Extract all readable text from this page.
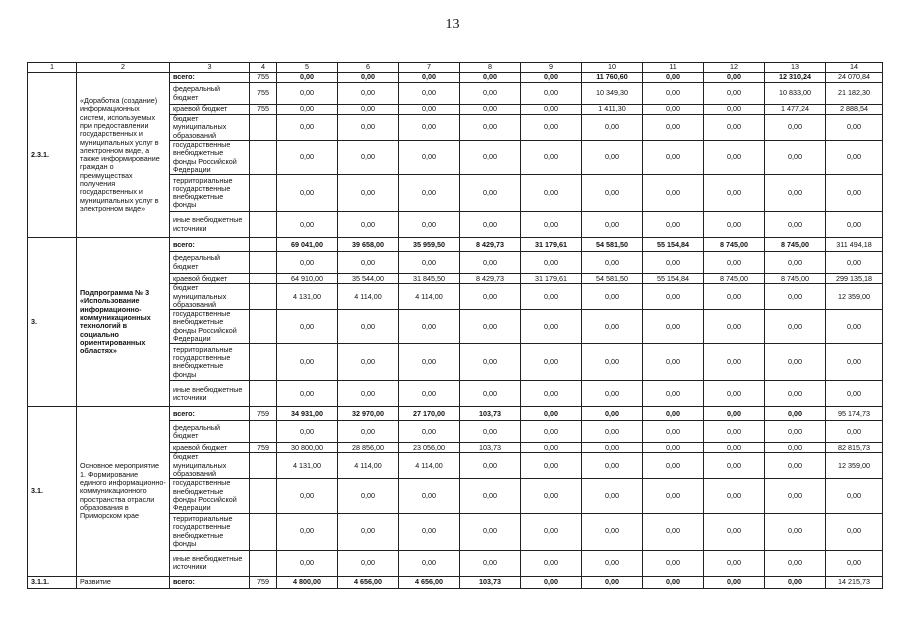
13
1	2	3	4	5	6	7	8	9	10	11	12	13	14
2.3.1.	«Доработка (создание) информационных систем, используемых при предоставлении государственных и муниципальных услуг в электронном виде, а также информирование граждан о преимуществах получения государственных и муниципальных услуг в электронном виде»	всего:	755	0,00	0,00	0,00	0,00	0,00	11 760,60	0,00	0,00	12 310,24	24 070,84
		федеральный бюджет	755	0,00	0,00	0,00	0,00	0,00	10 349,30	0,00	0,00	10 833,00	21 182,30
		краевой бюджет	755	0,00	0,00	0,00	0,00	0,00	1 411,30	0,00	0,00	1 477,24	2 888,54
		бюджет муниципальных образований		0,00	0,00	0,00	0,00	0,00	0,00	0,00	0,00	0,00	0,00
		государственные внебюджетные фонды Российской Федерации		0,00	0,00	0,00	0,00	0,00	0,00	0,00	0,00	0,00	0,00
		территориальные государственные внебюджетные фонды		0,00	0,00	0,00	0,00	0,00	0,00	0,00	0,00	0,00	0,00
		иные внебюджетные источники		0,00	0,00	0,00	0,00	0,00	0,00	0,00	0,00	0,00	0,00
3.	Подпрограмма № 3 «Использование информационно-коммуникационных технологий в социально ориентированных областях»	всего:		69 041,00	39 658,00	35 959,50	8 429,73	31 179,61	54 581,50	55 154,84	8 745,00	8 745,00	311 494,18
		федеральный бюджет		0,00	0,00	0,00	0,00	0,00	0,00	0,00	0,00	0,00	0,00
		краевой бюджет		64 910,00	35 544,00	31 845,50	8 429,73	31 179,61	54 581,50	55 154,84	8 745,00	8 745,00	299 135,18
		бюджет муниципальных образований		4 131,00	4 114,00	4 114,00	0,00	0,00	0,00	0,00	0,00	0,00	12 359,00
		государственные внебюджетные фонды Российской Федерации		0,00	0,00	0,00	0,00	0,00	0,00	0,00	0,00	0,00	0,00
		территориальные государственные внебюджетные фонды		0,00	0,00	0,00	0,00	0,00	0,00	0,00	0,00	0,00	0,00
		иные внебюджетные источники		0,00	0,00	0,00	0,00	0,00	0,00	0,00	0,00	0,00	0,00
3.1.	Основное мероприятие 1. Формирование единого информационно-коммуникационного пространства отрасли образования в Приморском крае	всего:	759	34 931,00	32 970,00	27 170,00	103,73	0,00	0,00	0,00	0,00	0,00	95 174,73
		федеральный бюджет		0,00	0,00	0,00	0,00	0,00	0,00	0,00	0,00	0,00	0,00
		краевой бюджет	759	30 800,00	28 856,00	23 056,00	103,73	0,00	0,00	0,00	0,00	0,00	82 815,73
		бюджет муниципальных образований		4 131,00	4 114,00	4 114,00	0,00	0,00	0,00	0,00	0,00	0,00	12 359,00
		государственные внебюджетные фонды Российской Федерации		0,00	0,00	0,00	0,00	0,00	0,00	0,00	0,00	0,00	0,00
		территориальные государственные внебюджетные фонды		0,00	0,00	0,00	0,00	0,00	0,00	0,00	0,00	0,00	0,00
		иные внебюджетные источники		0,00	0,00	0,00	0,00	0,00	0,00	0,00	0,00	0,00	0,00
3.1.1.	Развитие	всего:	759	4 800,00	4 656,00	4 656,00	103,73	0,00	0,00	0,00	0,00	0,00	14 215,73
